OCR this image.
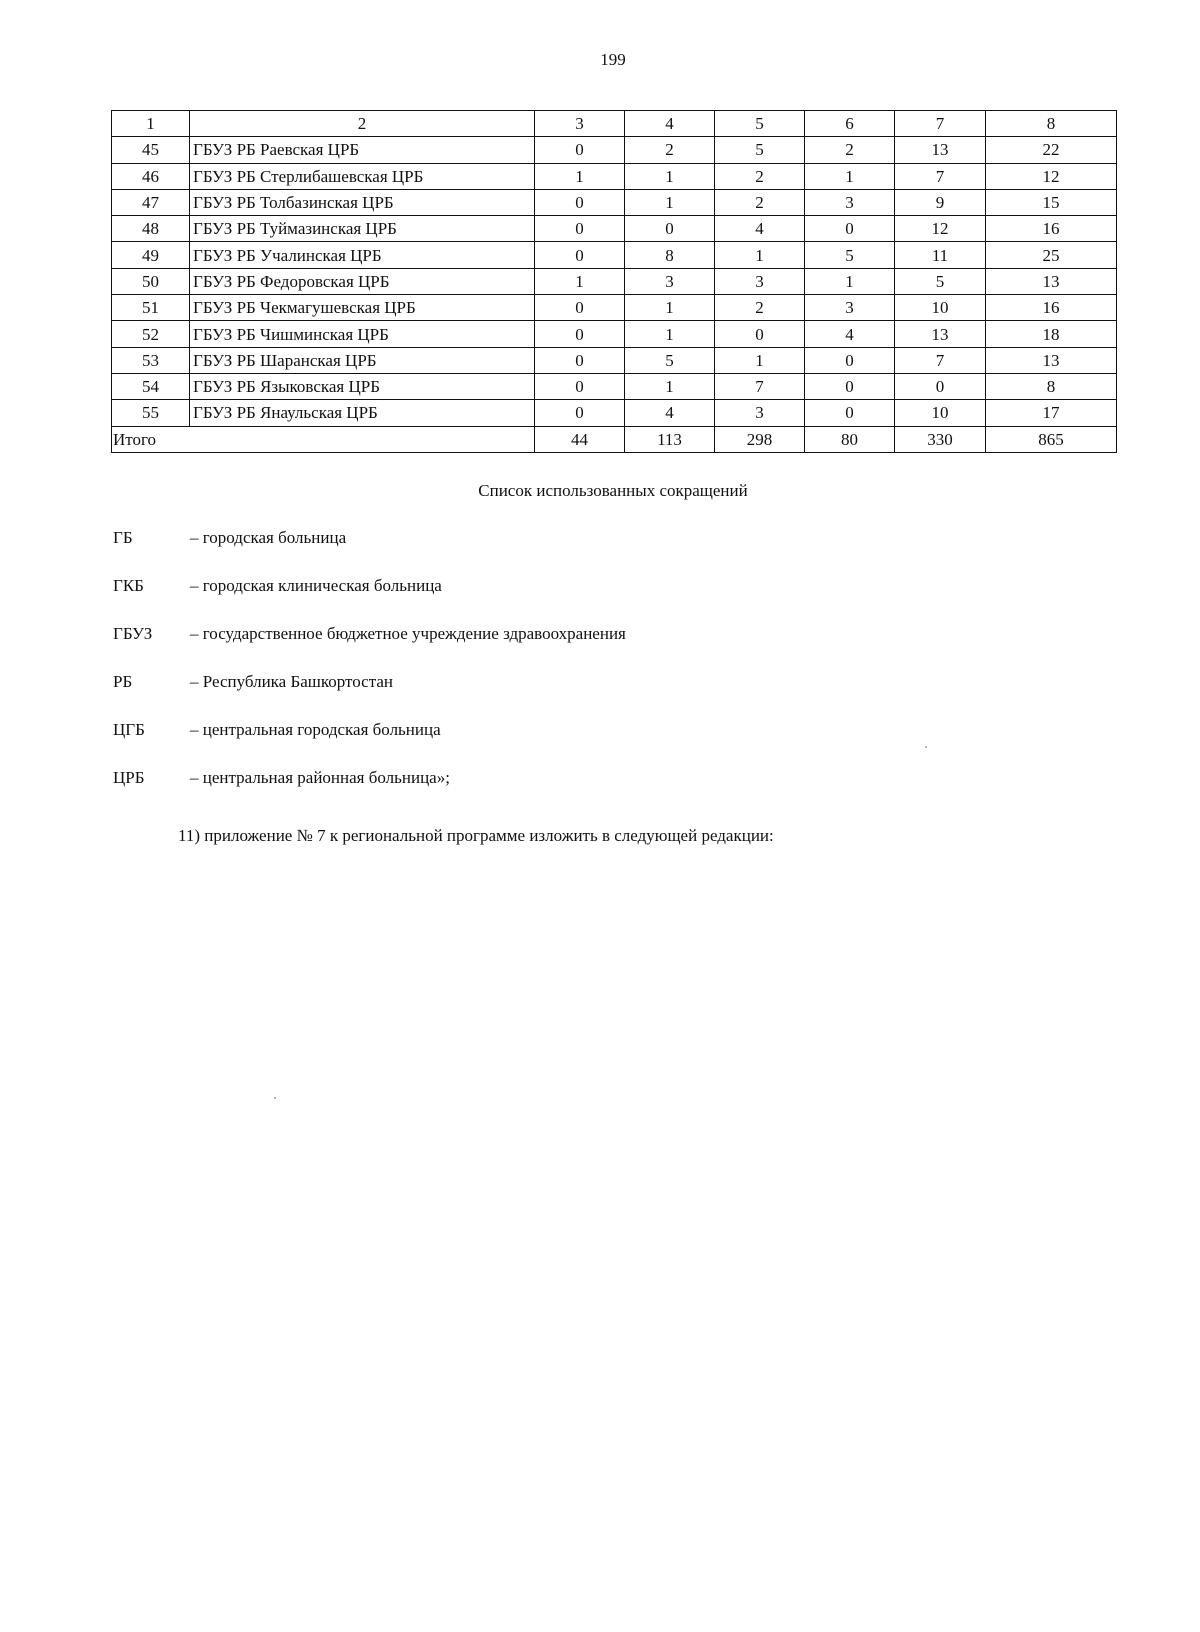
199
1	2	3	4	5	6	7	8
45	ГБУЗ РБ Раевская ЦРБ	0	2	5	2	13	22
46	ГБУЗ РБ Стерлибашевская ЦРБ	1	1	2	1	7	12
47	ГБУЗ РБ Толбазинская ЦРБ	0	1	2	3	9	15
48	ГБУЗ РБ Туймазинская ЦРБ	0	0	4	0	12	16
49	ГБУЗ РБ Учалинская ЦРБ	0	8	1	5	11	25
50	ГБУЗ РБ Федоровская ЦРБ	1	3	3	1	5	13
51	ГБУЗ РБ Чекмагушевская ЦРБ	0	1	2	3	10	16
52	ГБУЗ РБ Чишминская ЦРБ	0	1	0	4	13	18
53	ГБУЗ РБ Шаранская ЦРБ	0	5	1	0	7	13
54	ГБУЗ РБ Языковская ЦРБ	0	1	7	0	0	8
55	ГБУЗ РБ Янаульская ЦРБ	0	4	3	0	10	17
Итого		44	113	298	80	330	865
Список использованных сокращений
ГБ	– городская больница
ГКБ	– городская клиническая больница
ГБУЗ – государственное бюджетное учреждение здравоохранения
РБ	– Республика Башкортостан
ЦГБ	– центральная городская больница
ЦРБ	– центральная районная больница»;
11) приложение № 7 к региональной программе изложить в следующей редакции:
